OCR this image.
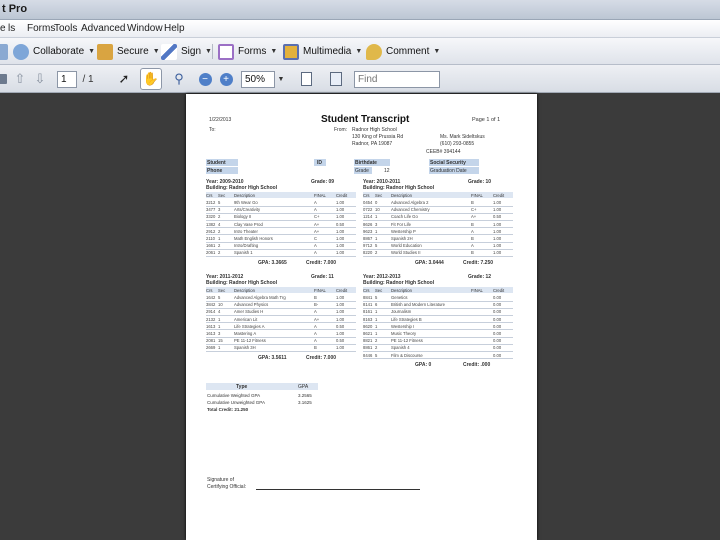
t Pro
e ls Forms
Tools Advanced Window Help
Collaborate ▼ Secure ▼ Sign ▼	Forms ▼	Multimedia ▼ Comment ▼
⇧ ⇩
1	/ 1 ➚ ✋	⚲	−	+
50%	▼
Find
1/22/2013	Student Transcript	Page 1 of 1
To:	From: Radnor High School
130 King of Prussia Rd
Radnor, PA 19087
Ms. Mark Sideltskus
(610) 293-0855
CEEB# 394144
Student
Phone
ID	Birthdate
Grade	12
Social Security
Graduation Date
Year: 2009-2010	Grade: 09
Building: Radnor High School
Crs Sec Description	FINAL Credit
3212 5	9th Wear Go	A	1.00
3477 3	Arts/Creativity	A	1.00
3320 2	Biology II	C+	1.00
1382 4	Clay Vase Prod	A+	0.50
2912 2	Intro Theater	A+	1.00
2110 1	Math English Honors	C	1.00
1661 2	Intro/Drafting	A	1.00
2061 2	Spanish 1	A	1.00
GPA: 3.3665	Credit: 7.000
Year: 2010-2011	Grade: 10
Building: Radnor High School
Crs Sec Description	FINAL Credit
0454 0	Advanced Algebra 2	B	1.00
0722 10	Advanced Chemistry	C+	1.00
1214 1	Coach Life Go	A+	0.50
8626 3	Fit For Life	B	1.00
9623 1	Westership P	A	1.00
8867 1	Spanish 2H	B	1.00
9712 5	World Education	A	1.00
8220 2	World Studies II	B	1.00
GPA: 3.0444	Credit: 7.250
Year: 2011-2012	Grade: 11
Building: Radnor High School
Crs Sec Description	FINAL Credit
1642 5	Advanced Algebra Math Trg	B	1.00
3842 10	Advanced Physics	B-	1.00
2914 4	Amer Studies H	A	1.00
2132 1	American Lit	A+	1.00
1613 1	Life Strategies A	A	0.50
1613 3	Mastering A	A	1.00
2081 15	PE 11-12 Fitness	A	0.50
2669 1	Spanish 3H	B	1.00
GPA: 3.5611	Credit: 7.000
Year: 2012-2013	Grade: 12
Building: Radnor High School
Crs Sec Description	FINAL Credit
8841 5	Genetics	0.00
8141 6	British and Modern Literature	0.00
8161 1	Journalism	0.00
8163 1	Life Strategies B	0.00
8620 1	Westership I	0.00
8621 1	Music Theory	0.00
8821 2	PE 11-12 Fitness	0.00
8861 2	Spanish 4	0.00
8446 5	Film & Discourse	0.00
GPA: 0	Credit: .000
Type	GPA
Cumulative Weighted GPA	3.2565
Cumulative Unweighted GPA	3.1625
Total Credit: 21.250
Signature of
Certifying Official:
